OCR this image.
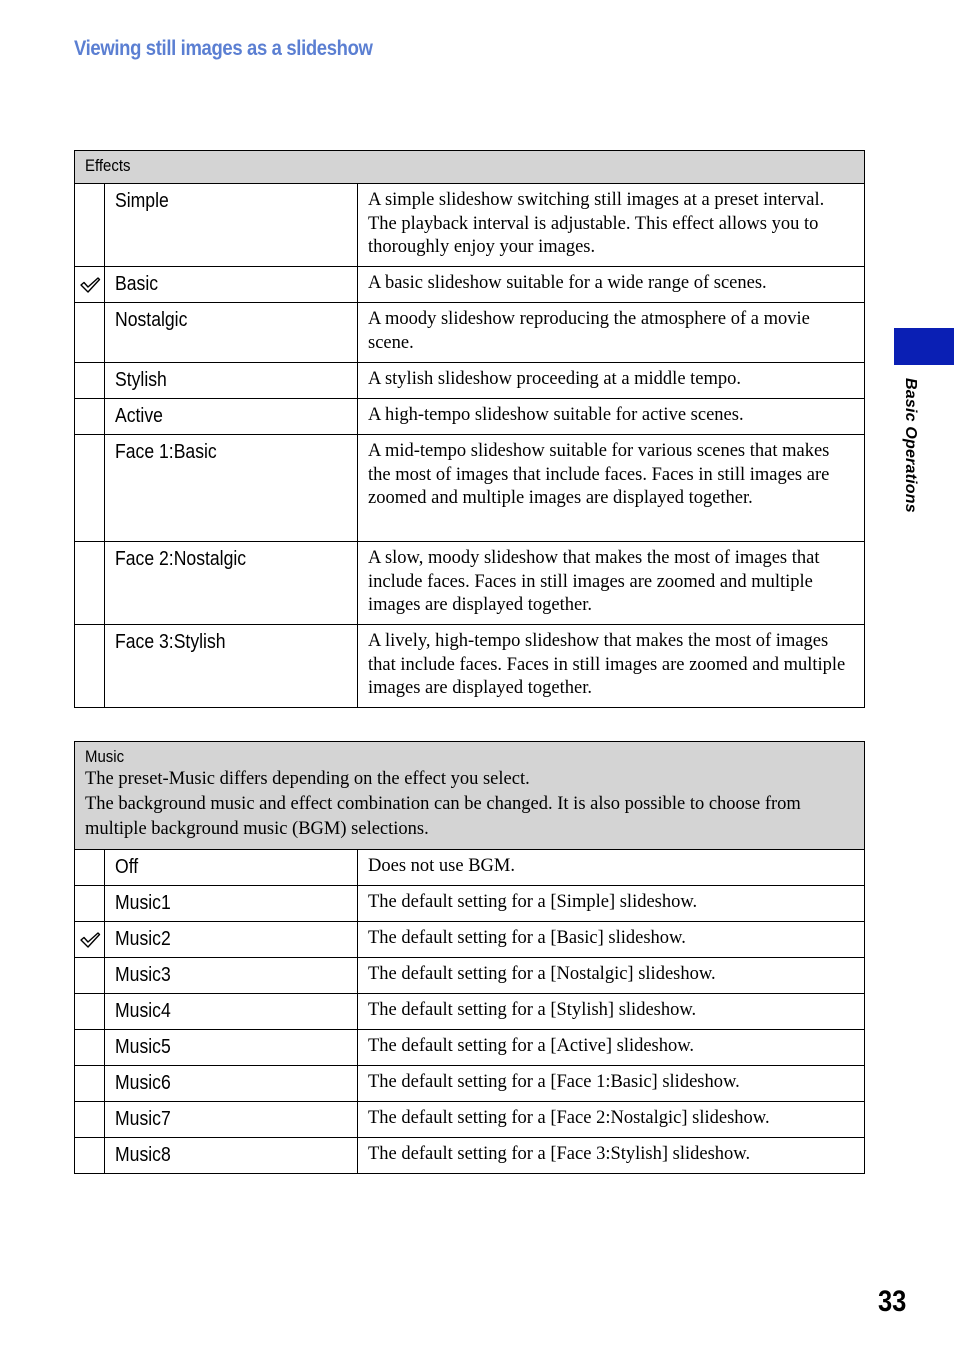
Viewing still images as a slideshow
Effects		
	Simple	A simple slideshow switching still images at a preset interval. The playback interval is adjustable. This effect allows you to thoroughly enjoy your images.
	Basic	A basic slideshow suitable for a wide range of scenes.
	Nostalgic	A moody slideshow reproducing the atmosphere of a movie scene.
	Stylish	A stylish slideshow proceeding at a middle tempo.
	Active	A high-tempo slideshow suitable for active scenes.
	Face 1:Basic	A mid-tempo slideshow suitable for various scenes that makes the most of images that include faces. Faces in still images are zoomed and multiple images are displayed together.
	Face 2:Nostalgic	A slow, moody slideshow that makes the most of images that include faces. Faces in still images are zoomed and multiple images are displayed together.
	Face 3:Stylish	A lively, high-tempo slideshow that makes the most of images that include faces. Faces in still images are zoomed and multiple images are displayed together.
Music
The preset-Music differs depending on the effect you select.
The background music and effect combination can be changed. It is also possible to choose from multiple background music (BGM) selections.		

	Off	Does not use BGM.
	Music1	The default setting for a [Simple] slideshow.
	Music2	The default setting for a [Basic] slideshow.
	Music3	The default setting for a [Nostalgic] slideshow.
	Music4	The default setting for a [Stylish] slideshow.
	Music5	The default setting for a [Active] slideshow.
	Music6	The default setting for a [Face 1:Basic] slideshow.
	Music7	The default setting for a [Face 2:Nostalgic] slideshow.
	Music8	The default setting for a [Face 3:Stylish] slideshow.
Basic Operations
33
